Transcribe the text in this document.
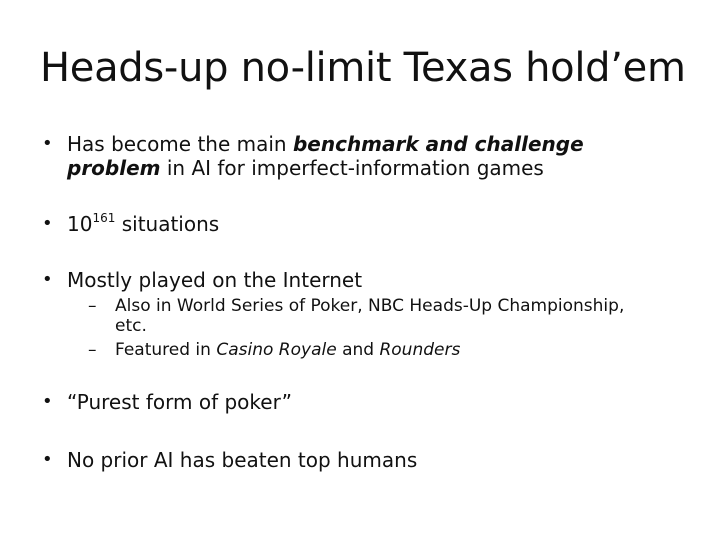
Heads-up no-limit Texas hold’em
• Has become the main benchmark and challenge
problem in AI for imperfect-information games
• $10^{161}$ situations
• Mostly played on the Internet
– Also in World Series of Poker, NBC Heads-Up Championship,
etc.
– Featured in Casino Royale and Rounders
• “Purest form of poker”
• No prior AI has beaten top humans
